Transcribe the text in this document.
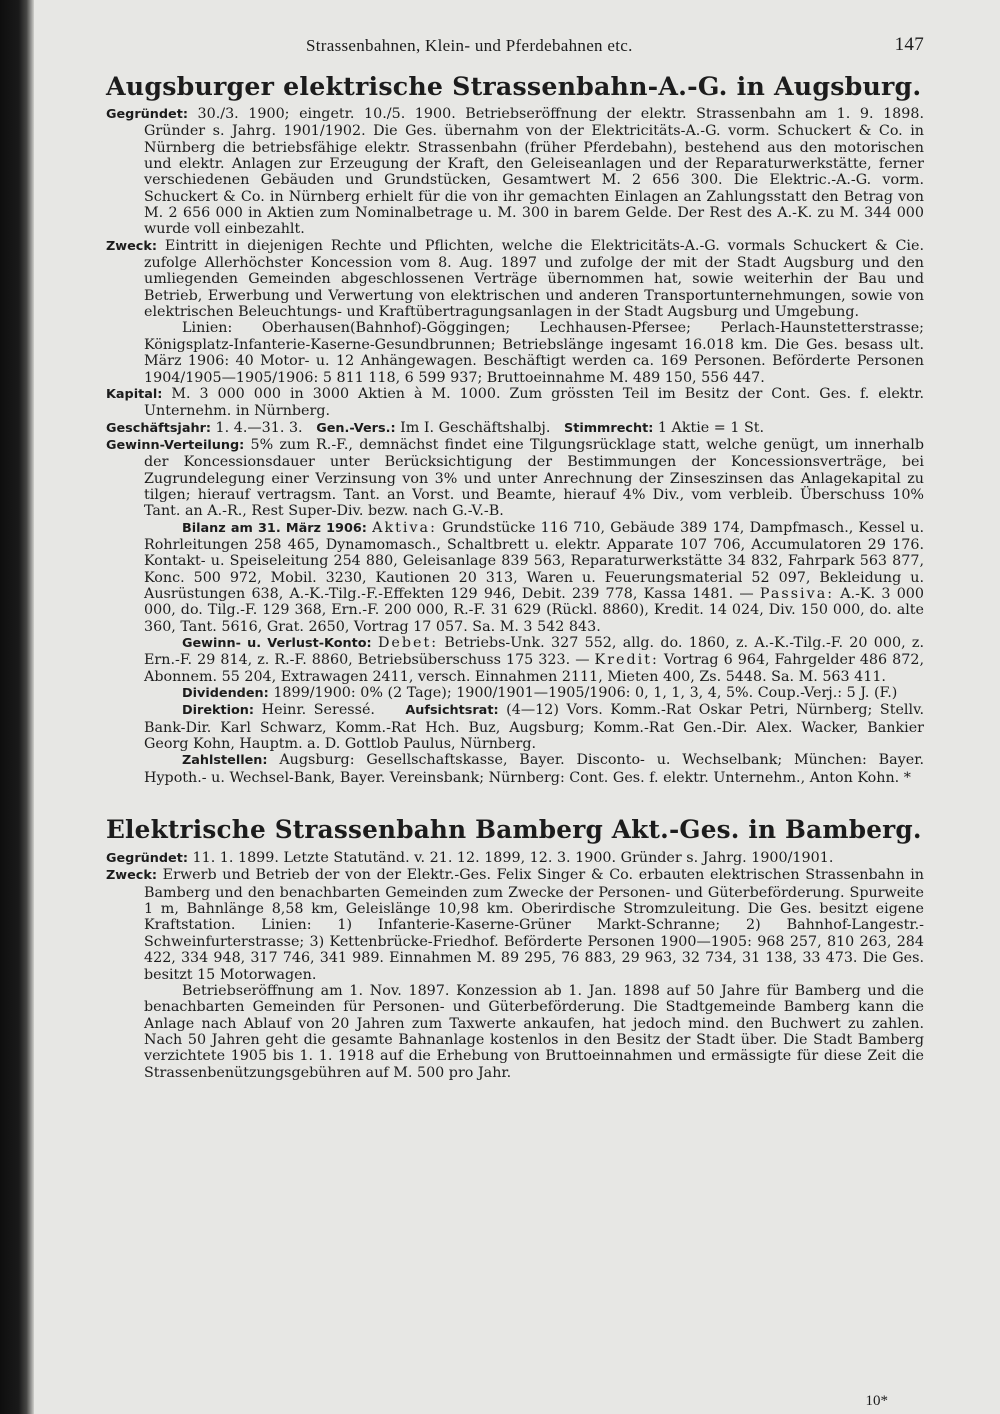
Strassenbahnen, Klein- und Pferdebahnen etc.	147
Augsburger elektrische Strassenbahn-A.-G. in Augsburg.

Gegründet: 30./3. 1900; eingetr. 10./5. 1900. Betriebseröffnung der elektr. Strassenbahn am 1. 9. 1898. Gründer s. Jahrg. 1901/1902. Die Ges. übernahm von der Elektricitäts-A.-G. vorm. Schuckert & Co. in Nürnberg die betriebsfähige elektr. Strassenbahn (früher Pferdebahn), bestehend aus den motorischen und elektr. Anlagen zur Erzeugung der Kraft, den Geleiseanlagen und der Reparaturwerkstätte, ferner verschiedenen Gebäuden und Grundstücken, Gesamtwert M. 2 656 300. Die Elektric.-A.-G. vorm. Schuckert & Co. in Nürnberg erhielt für die von ihr gemachten Einlagen an Zahlungsstatt den Betrag von M. 2 656 000 in Aktien zum Nominalbetrage u. M. 300 in barem Gelde. Der Rest des A.-K. zu M. 344 000 wurde voll einbezahlt.

Zweck: Eintritt in diejenigen Rechte und Pflichten, welche die Elektricitäts-A.-G. vormals Schuckert & Cie. zufolge Allerhöchster Koncession vom 8. Aug. 1897 und zufolge der mit der Stadt Augsburg und den umliegenden Gemeinden abgeschlossenen Verträge übernommen hat, sowie weiterhin der Bau und Betrieb, Erwerbung und Verwertung von elektrischen und anderen Transportunternehmungen, sowie von elektrischen Beleuchtungs- und Kraftübertragungsanlagen in der Stadt Augsburg und Umgebung.

Linien: Oberhausen(Bahnhof)-Göggingen; Lechhausen-Pfersee; Perlach-Haunstetterstrasse; Königsplatz-Infanterie-Kaserne-Gesundbrunnen; Betriebslänge ingesamt 16.018 km. Die Ges. besass ult. März 1906: 40 Motor- u. 12 Anhängewagen. Beschäftigt werden ca. 169 Personen. Beförderte Personen 1904/1905—1905/1906: 5 811 118, 6 599 937; Bruttoeinnahme M. 489 150, 556 447.

Kapital: M. 3 000 000 in 3000 Aktien à M. 1000. Zum grössten Teil im Besitz der Cont. Ges. f. elektr. Unternehm. in Nürnberg.

Geschäftsjahr: 1. 4.—31. 3. Gen.-Vers.: Im I. Geschäftshalbj. Stimmrecht: 1 Aktie = 1 St.

Gewinn-Verteilung: 5% zum R.-F., demnächst findet eine Tilgungsrücklage statt, welche genügt, um innerhalb der Koncessionsdauer unter Berücksichtigung der Bestimmungen der Koncessionsverträge, bei Zugrundelegung einer Verzinsung von 3% und unter Anrechnung der Zinseszinsen das Anlagekapital zu tilgen; hierauf vertragsm. Tant. an Vorst. und Beamte, hierauf 4% Div., vom verbleib. Überschuss 10% Tant. an A.-R., Rest Super-Div. bezw. nach G.-V.-B.

Bilanz am 31. März 1906: Aktiva: Grundstücke 116 710, Gebäude 389 174, Dampfmasch., Kessel u. Rohrleitungen 258 465, Dynamomasch., Schaltbrett u. elektr. Apparate 107 706, Accumulatoren 29 176. Kontakt- u. Speiseleitung 254 880, Geleisanlage 839 563, Reparaturwerkstätte 34 832, Fahrpark 563 877, Konc. 500 972, Mobil. 3230, Kautionen 20 313, Waren u. Feuerungsmaterial 52 097, Bekleidung u. Ausrüstungen 638, A.-K.-Tilg.-F.-Effekten 129 946, Debit. 239 778, Kassa 1481. — Passiva: A.-K. 3 000 000, do. Tilg.-F. 129 368, Ern.-F. 200 000, R.-F. 31 629 (Rückl. 8860), Kredit. 14 024, Div. 150 000, do. alte 360, Tant. 5616, Grat. 2650, Vortrag 17 057. Sa. M. 3 542 843.

Gewinn- u. Verlust-Konto: Debet: Betriebs-Unk. 327 552, allg. do. 1860, z. A.-K.-Tilg.-F. 20 000, z. Ern.-F. 29 814, z. R.-F. 8860, Betriebsüberschuss 175 323. — Kredit: Vortrag 6 964, Fahrgelder 486 872, Abonnem. 55 204, Extrawagen 2411, versch. Einnahmen 2111, Mieten 400, Zs. 5448. Sa. M. 563 411.

Dividenden: 1899/1900: 0% (2 Tage); 1900/1901—1905/1906: 0, 1, 1, 3, 4, 5%. Coup.-Verj.: 5 J. (F.)

Direktion: Heinr. Seressé. Aufsichtsrat: (4—12) Vors. Komm.-Rat Oskar Petri, Nürnberg; Stellv. Bank-Dir. Karl Schwarz, Komm.-Rat Hch. Buz, Augsburg; Komm.-Rat Gen.-Dir. Alex. Wacker, Bankier Georg Kohn, Hauptm. a. D. Gottlob Paulus, Nürnberg.

Zahlstellen: Augsburg: Gesellschaftskasse, Bayer. Disconto- u. Wechselbank; München: Bayer. Hypoth.- u. Wechsel-Bank, Bayer. Vereinsbank; Nürnberg: Cont. Ges. f. elektr. Unternehm., Anton Kohn. *

Elektrische Strassenbahn Bamberg Akt.-Ges. in Bamberg.

Gegründet: 11. 1. 1899. Letzte Statutänd. v. 21. 12. 1899, 12. 3. 1900. Gründer s. Jahrg. 1900/1901.

Zweck: Erwerb und Betrieb der von der Elektr.-Ges. Felix Singer & Co. erbauten elektrischen Strassenbahn in Bamberg und den benachbarten Gemeinden zum Zwecke der Personen- und Güterbeförderung. Spurweite 1 m, Bahnlänge 8,58 km, Geleislänge 10,98 km. Oberirdische Stromzuleitung. Die Ges. besitzt eigene Kraftstation. Linien: 1) Infanterie-Kaserne-Grüner Markt-Schranne; 2) Bahnhof-Langestr.-Schweinfurterstrasse; 3) Kettenbrücke-Friedhof. Beförderte Personen 1900—1905: 968 257, 810 263, 284 422, 334 948, 317 746, 341 989. Einnahmen M. 89 295, 76 883, 29 963, 32 734, 31 138, 33 473. Die Ges. besitzt 15 Motorwagen.

Betriebseröffnung am 1. Nov. 1897. Konzession ab 1. Jan. 1898 auf 50 Jahre für Bamberg und die benachbarten Gemeinden für Personen- und Güterbeförderung. Die Stadtgemeinde Bamberg kann die Anlage nach Ablauf von 20 Jahren zum Taxwerte ankaufen, hat jedoch mind. den Buchwert zu zahlen. Nach 50 Jahren geht die gesamte Bahnanlage kostenlos in den Besitz der Stadt über. Die Stadt Bamberg verzichtete 1905 bis 1. 1. 1918 auf die Erhebung von Bruttoeinnahmen und ermässigte für diese Zeit die Strassenbenützungsgebühren auf M. 500 pro Jahr.

10*
